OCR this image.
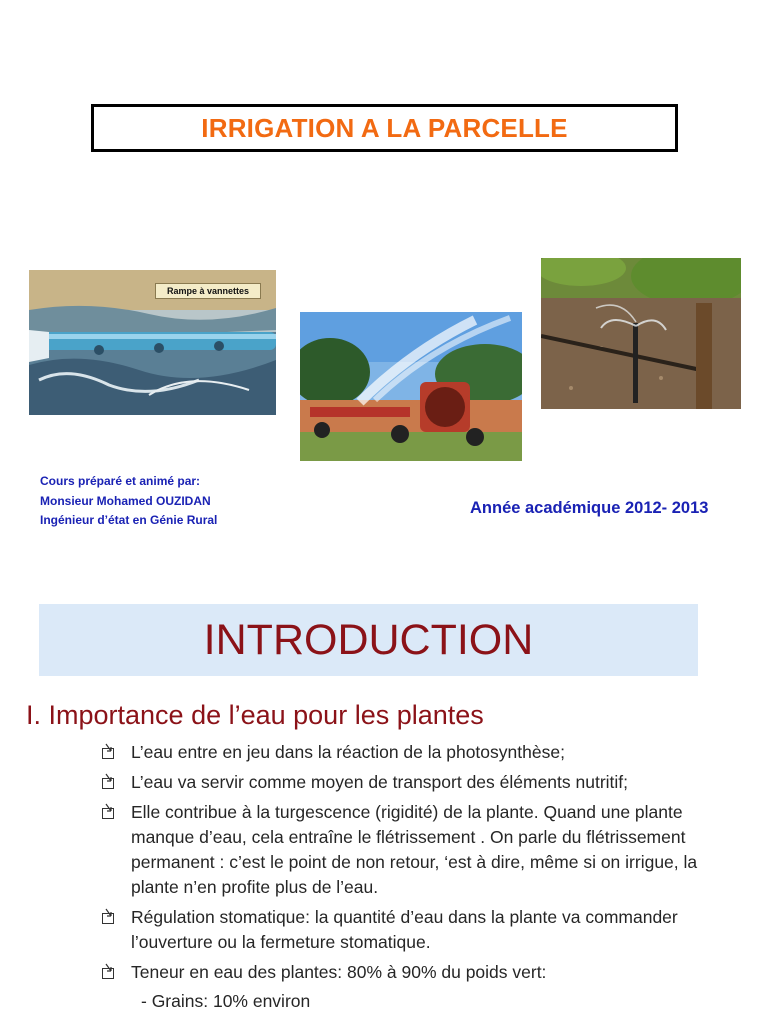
IRRIGATION A LA PARCELLE
Rampe à vannettes
Cours préparé et animé par:
Monsieur Mohamed OUZIDAN
Ingénieur d’état en Génie Rural
Année académique 2012- 2013
INTRODUCTION
I. Importance de l’eau pour les plantes
L’eau entre en jeu dans la réaction de la photosynthèse;
L’eau va servir comme moyen de transport des éléments nutritif;
Elle contribue à la turgescence (rigidité) de la plante. Quand une plante manque d’eau, cela entraîne le flétrissement . On parle du flétrissement permanent : c’est le point de non retour, ‘est à dire, même si on irrigue, la plante n’en profite plus de l’eau.
Régulation stomatique: la quantité d’eau dans la plante va commander l’ouverture ou la fermeture stomatique.
Teneur en eau des plantes: 80% à 90% du poids vert:
- Grains: 10% environ
